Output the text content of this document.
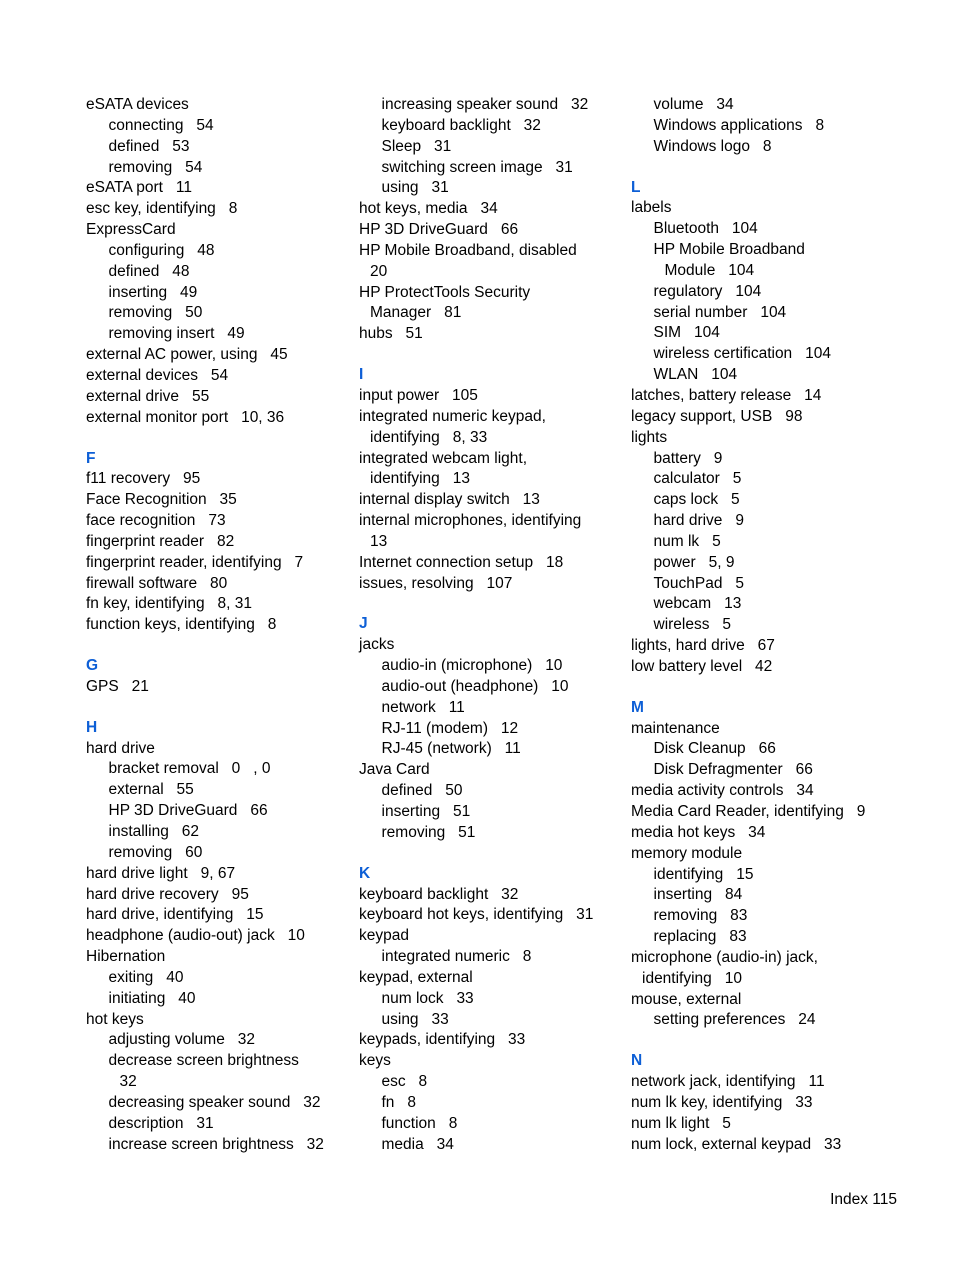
eSATA devices
connecting   54
defined   53
removing   54
eSATA port   11
esc key, identifying   8
ExpressCard
configuring   48
defined   48
inserting   49
removing   50
removing insert   49
external AC power, using   45
external devices   54
external drive   55
external monitor port   10, 36
F
f11 recovery   95
Face Recognition   35
face recognition   73
fingerprint reader   82
fingerprint reader, identifying   7
firewall software   80
fn key, identifying   8, 31
function keys, identifying   8
G
GPS   21
H
hard drive
bracket removal   0   , 0
external   55
HP 3D DriveGuard   66
installing   62
removing   60
hard drive light   9, 67
hard drive recovery   95
hard drive, identifying   15
headphone (audio-out) jack   10
Hibernation
exiting   40
initiating   40
hot keys
adjusting volume   32
decrease screen brightness
32
decreasing speaker sound   32
description   31
increase screen brightness   32
increasing speaker sound   32
keyboard backlight   32
Sleep   31
switching screen image   31
using   31
hot keys, media   34
HP 3D DriveGuard   66
HP Mobile Broadband, disabled
20
HP ProtectTools Security
Manager   81
hubs   51
I
input power   105
integrated numeric keypad,
identifying   8, 33
integrated webcam light,
identifying   13
internal display switch   13
internal microphones, identifying
13
Internet connection setup   18
issues, resolving   107
J
jacks
audio-in (microphone)   10
audio-out (headphone)   10
network   11
RJ-11 (modem)   12
RJ-45 (network)   11
Java Card
defined   50
inserting   51
removing   51
K
keyboard backlight   32
keyboard hot keys, identifying   31
keypad
integrated numeric   8
keypad, external
num lock   33
using   33
keypads, identifying   33
keys
esc   8
fn   8
function   8
media   34
volume   34
Windows applications   8
Windows logo   8
L
labels
Bluetooth   104
HP Mobile Broadband
Module   104
regulatory   104
serial number   104
SIM   104
wireless certification   104
WLAN   104
latches, battery release   14
legacy support, USB   98
lights
battery   9
calculator   5
caps lock   5
hard drive   9
num lk   5
power   5, 9
TouchPad   5
webcam   13
wireless   5
lights, hard drive   67
low battery level   42
M
maintenance
Disk Cleanup   66
Disk Defragmenter   66
media activity controls   34
Media Card Reader, identifying   9
media hot keys   34
memory module
identifying   15
inserting   84
removing   83
replacing   83
microphone (audio-in) jack,
identifying   10
mouse, external
setting preferences   24
N
network jack, identifying   11
num lk key, identifying   33
num lk light   5
num lock, external keypad   33
Index 115
